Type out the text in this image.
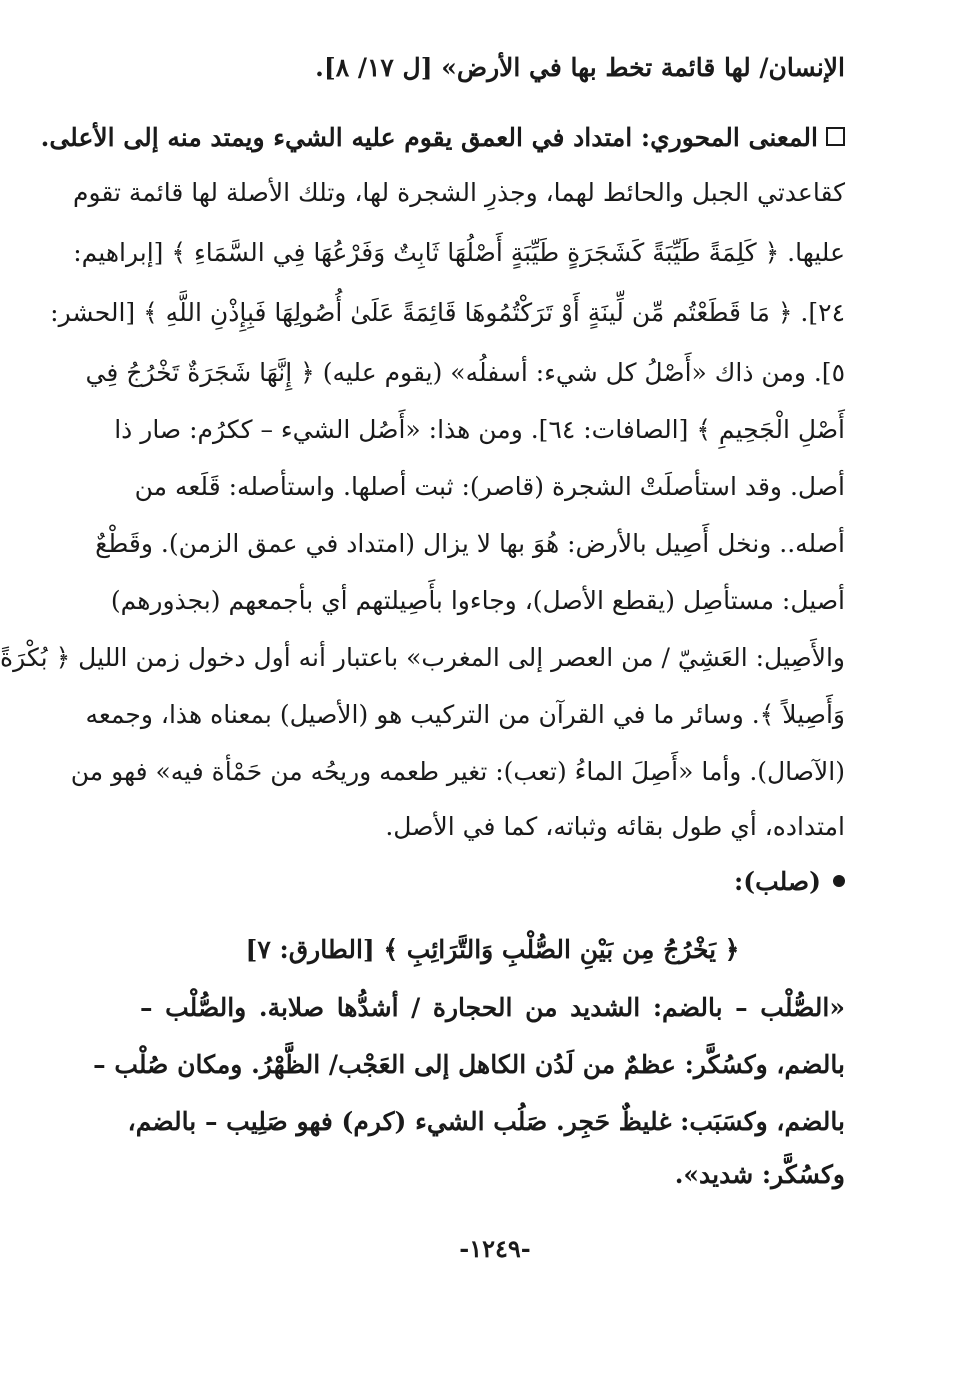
الإنسان/ لها قائمة تخط بها في الأرض» [ل ١٧/ ٨].
المعنى المحوري: امتداد في العمق يقوم عليه الشيء ويمتد منه إلى الأعلى.
كقاعدتي الجبل والحائط لهما، وجذرِ الشجرة لها، وتلك الأصلة لها قائمة تقوم
عليها. ﴿ كَلِمَةً طَيِّبَةً كَشَجَرَةٍ طَيِّبَةٍ أَصْلُهَا ثَابِتٌ وَفَرْعُهَا فِي السَّمَاءِ ﴾ [إبراهيم:
٢٤]. ﴿ مَا قَطَعْتُم مِّن لِّينَةٍ أَوْ تَرَكْتُمُوهَا قَائِمَةً عَلَىٰ أُصُولِهَا فَبِإِذْنِ اللَّهِ ﴾ [الحشر:
٥]. ومن ذاك «أَصْلُ كل شيء: أسفلُه» (يقوم عليه) ﴿ إِنَّهَا شَجَرَةٌ تَخْرُجُ فِي
أَصْلِ الْجَحِيمِ ﴾ [الصافات: ٦٤]. ومن هذا: «أَصُل الشيء – ككرُم: صار ذا
أصل. وقد استأصلَتْ الشجرة (قاصر): ثبت أصلها. واستأصله: قَلَعه من
أصله.. ونخل أَصِيل بالأرض: هُوَ بها لا يزال (امتداد في عمق الزمن). وقَطْعٌ
أصيل: مستأصِل (يقطع الأصل)، وجاءوا بأَصِيلتهم أي بأجمعهم (بجذورهم)
والأَصِيل: العَشِيّ / من العصر إلى المغرب» باعتبار أنه أول دخول زمن الليل ﴿ بُكْرَةً
وَأَصِيلاً ﴾. وسائر ما في القرآن من التركيب هو (الأصيل) بمعناه هذا، وجمعه
(الآصال). وأما «أَصِلَ الماءُ (تعب): تغير طعمه وريحُه من حَمْأة فيه» فهو من
امتداده، أي طول بقائه وثباته، كما في الأصل.
(صلب):
﴿ يَخْرُجُ مِن بَيْنِ الصُّلْبِ وَالتَّرَائِبِ ﴾ [الطارق: ٧]
«الصُّلْب – بالضم: الشديد من الحجارة / أشدُّها صلابة. والصُّلْب –
بالضم، وكسُكَّر: عظمٌ من لَدُن الكاهل إلى العَجْب/ الظَّهْرُ. ومكان صُلْب –
بالضم، وكسَبَب: غليظٌ حَجِر. صَلُب الشيء (كرم) فهو صَلِيب – بالضم،
وكسُكَّر: شديد».
-١٢٤٩-
